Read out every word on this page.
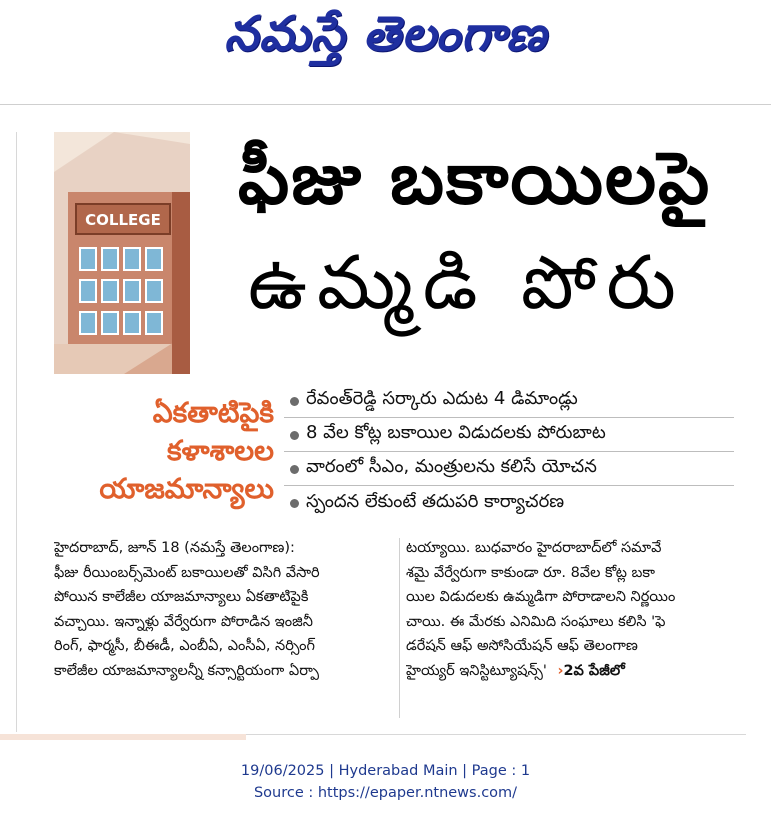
నమస్తే తెలంగాణ
COLLEGE ఫీజు బకాయిలపై
ఉమ్మడి పోరు
ఏకతాటిపైకి
కళాశాలల
యాజమాన్యాలు
రేవంత్‌రెడ్డి సర్కారు ఎదుట 4 డిమాండ్లు
8 వేల కోట్ల బకాయిల విడుదలకు పోరుబాట
వారంలో సీఎం, మంత్రులను కలిసే యోచన
స్పందన లేకుంటే తదుపరి కార్యాచరణ
హైదరాబాద్, జూన్ 18 (నమస్తే తెలంగాణ):
ఫీజు రీయింబర్స్‌మెంట్ బకాయిలతో విసిగి వేసారి
పోయిన కాలేజీల యాజమాన్యాలు ఏకతాటిపైకి
వచ్చాయి. ఇన్నాళ్లు వేర్వేరుగా పోరాడిన ఇంజినీ
రింగ్, ఫార్మసీ, బీఈడీ, ఎంబీఏ, ఎంసీఏ, నర్సింగ్
కాలేజీల యాజమాన్యాలన్నీ కన్సార్టియంగా ఏర్పా
టయ్యాయి. బుధవారం హైదరాబాద్‌లో సమావే
శమై వేర్వేరుగా కాకుండా రూ. 8వేల కోట్ల బకా
యిల విడుదలకు ఉమ్మడిగా పోరాడాలని నిర్ణయిం
చాయి. ఈ మేరకు ఎనిమిది సంఘాలు కలిసి 'ఫె
డరేషన్ ఆఫ్ అసోసియేషన్ ఆఫ్ తెలంగాణ
హైయ్యర్ ఇనిస్టిట్యూషన్స్' ›2వ పేజీలో
19/06/2025 | Hyderabad Main | Page : 1
Source : https://epaper.ntnews.com/
